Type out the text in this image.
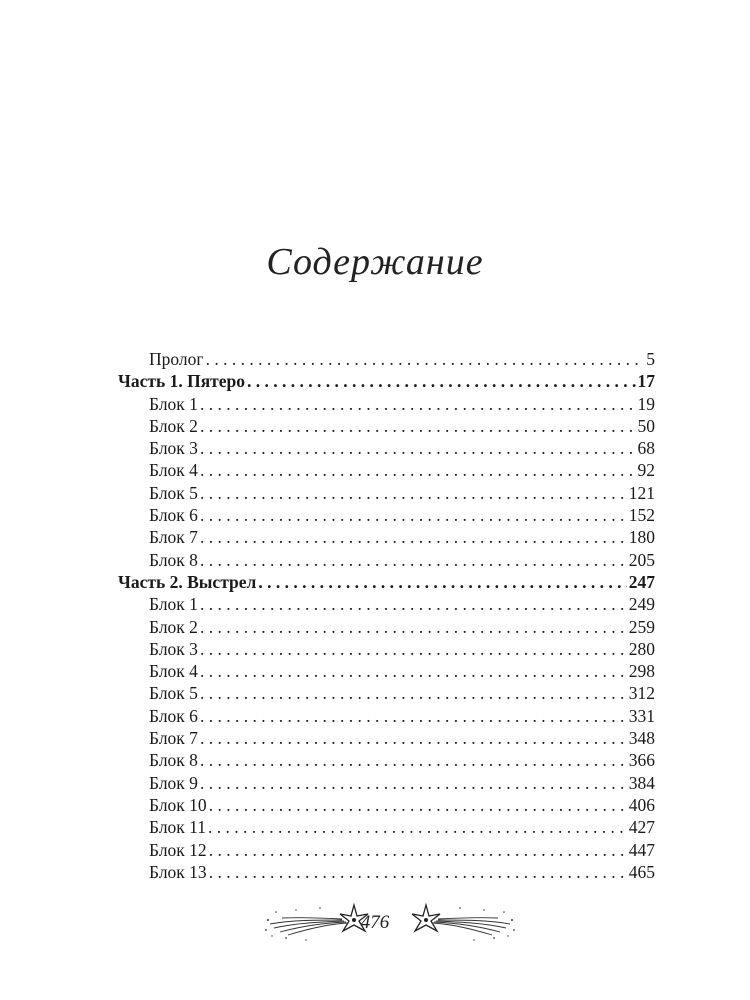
Содержание
Пролог . . .	5
Часть 1. Пятеро . . .	17
Блок 1 . . .	19
Блок 2 . . .	50
Блок 3 . . .	68
Блок 4 . . .	92
Блок 5 . . .	121
Блок 6 . . .	152
Блок 7 . . .	180
Блок 8 . . .	205
Часть 2. Выстрел . . .	247
Блок 1 . . .	249
Блок 2 . . .	259
Блок 3 . . .	280
Блок 4 . . .	298
Блок 5 . . .	312
Блок 6 . . .	331
Блок 7 . . .	348
Блок 8 . . .	366
Блок 9 . . .	384
Блок 10 . . .	406
Блок 11 . . .	427
Блок 12 . . .	447
Блок 13 . . .	465
476
